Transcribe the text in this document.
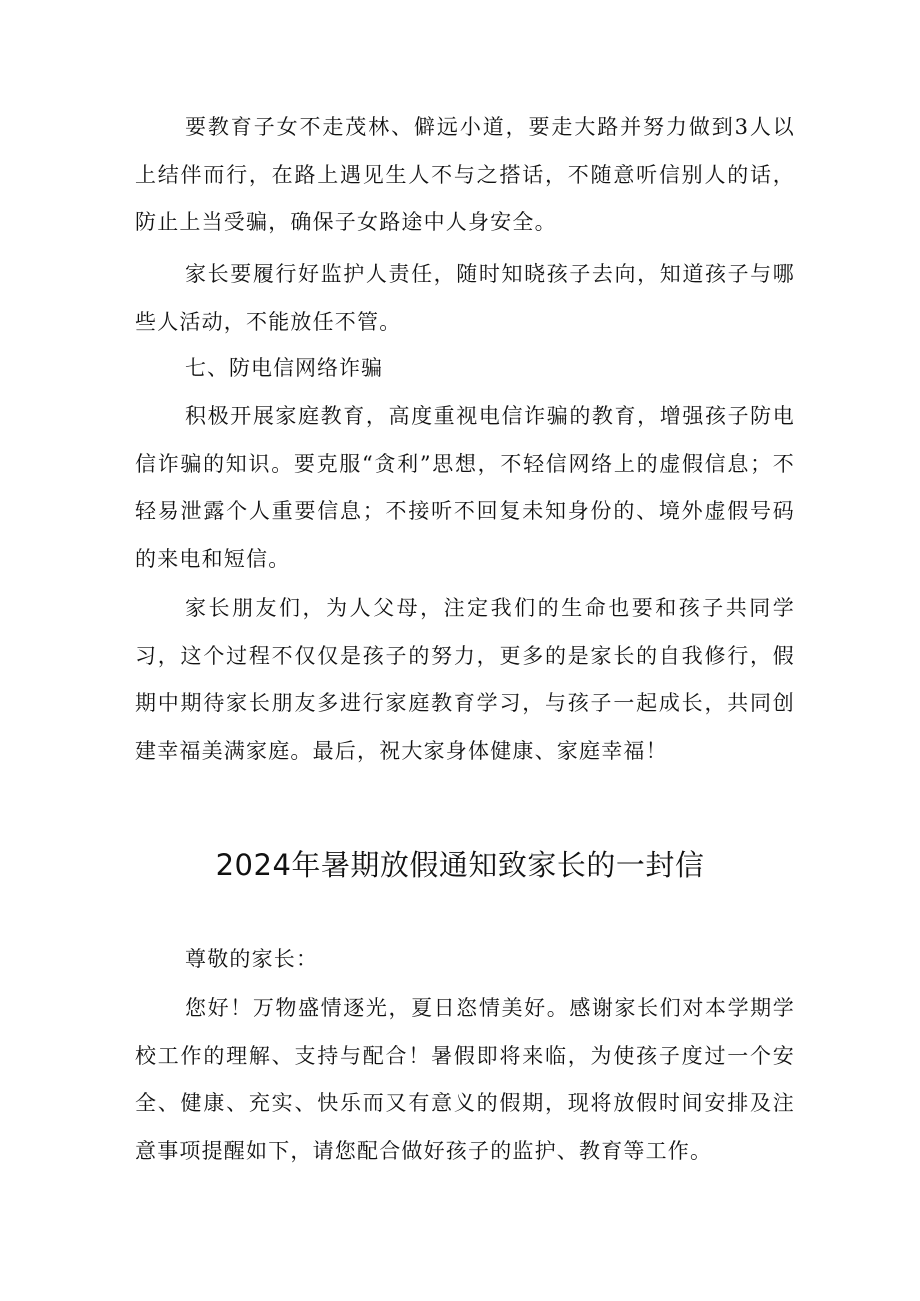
要教育子女不走茂林、僻远小道，要走大路并努力做到3人以上结伴而行，在路上遇见生人不与之搭话，不随意听信别人的话，防止上当受骗，确保子女路途中人身安全。

家长要履行好监护人责任，随时知晓孩子去向，知道孩子与哪些人活动，不能放任不管。

七、防电信网络诈骗

积极开展家庭教育，高度重视电信诈骗的教育，增强孩子防电信诈骗的知识。要克服“贪利”思想，不轻信网络上的虚假信息；不轻易泄露个人重要信息；不接听不回复未知身份的、境外虚假号码的来电和短信。

家长朋友们，为人父母，注定我们的生命也要和孩子共同学习，这个过程不仅仅是孩子的努力，更多的是家长的自我修行，假期中期待家长朋友多进行家庭教育学习，与孩子一起成长，共同创建幸福美满家庭。最后，祝大家身体健康、家庭幸福！

2024年暑期放假通知致家长的一封信

尊敬的家长：

您好！万物盛情逐光，夏日恣情美好。感谢家长们对本学期学校工作的理解、支持与配合！暑假即将来临，为使孩子度过一个安全、健康、充实、快乐而又有意义的假期，现将放假时间安排及注意事项提醒如下，请您配合做好孩子的监护、教育等工作。
